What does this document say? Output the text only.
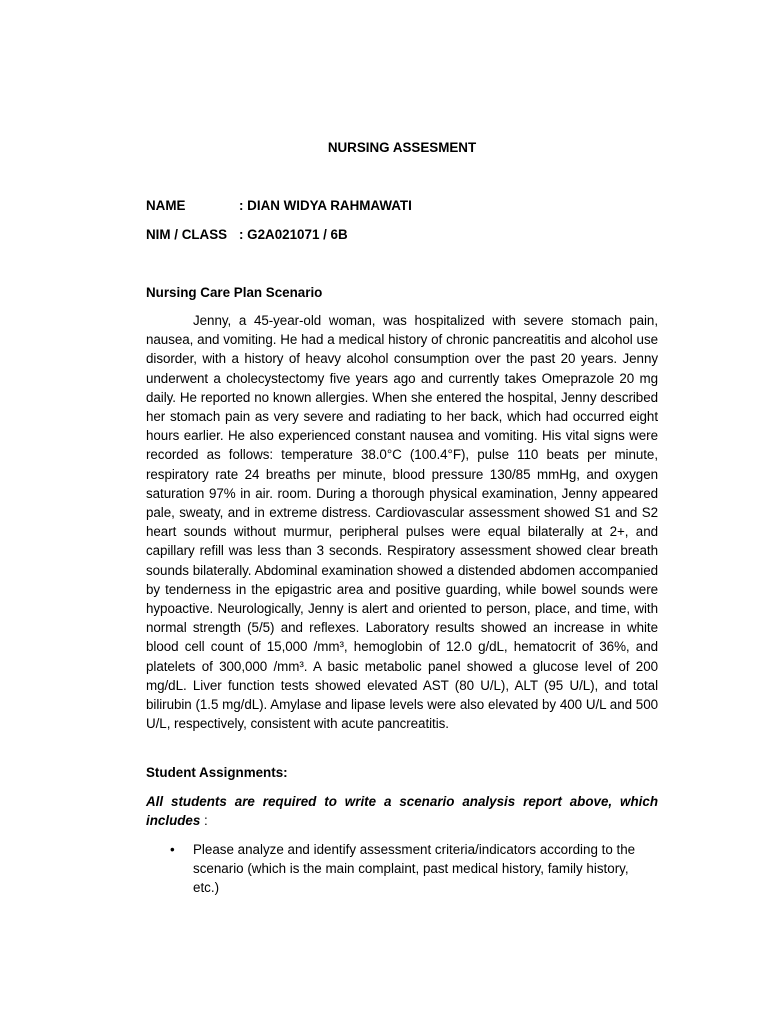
NURSING ASSESMENT
NAME	: DIAN WIDYA RAHMAWATI
NIM / CLASS : G2A021071 / 6B
Nursing Care Plan Scenario

Jenny, a 45-year-old woman, was hospitalized with severe stomach pain, nausea, and vomiting. He had a medical history of chronic pancreatitis and alcohol use disorder, with a history of heavy alcohol consumption over the past 20 years. Jenny underwent a cholecystectomy five years ago and currently takes Omeprazole 20 mg daily. He reported no known allergies. When she entered the hospital, Jenny described her stomach pain as very severe and radiating to her back, which had occurred eight hours earlier. He also experienced constant nausea and vomiting. His vital signs were recorded as follows: temperature 38.0°C (100.4°F), pulse 110 beats per minute, respiratory rate 24 breaths per minute, blood pressure 130/85 mmHg, and oxygen saturation 97% in air. room. During a thorough physical examination, Jenny appeared pale, sweaty, and in extreme distress. Cardiovascular assessment showed S1 and S2 heart sounds without murmur, peripheral pulses were equal bilaterally at 2+, and capillary refill was less than 3 seconds. Respiratory assessment showed clear breath sounds bilaterally. Abdominal examination showed a distended abdomen accompanied by tenderness in the epigastric area and positive guarding, while bowel sounds were hypoactive. Neurologically, Jenny is alert and oriented to person, place, and time, with normal strength (5/5) and reflexes. Laboratory results showed an increase in white blood cell count of 15,000 /mm³, hemoglobin of 12.0 g/dL, hematocrit of 36%, and platelets of 300,000 /mm³. A basic metabolic panel showed a glucose level of 200 mg/dL. Liver function tests showed elevated AST (80 U/L), ALT (95 U/L), and total bilirubin (1.5 mg/dL). Amylase and lipase levels were also elevated by 400 U/L and 500 U/L, respectively, consistent with acute pancreatitis.

Student Assignments:

All students are required to write a scenario analysis report above, which includes :

• Please analyze and identify assessment criteria/indicators according to the scenario (which is the main complaint, past medical history, family history, etc.)
